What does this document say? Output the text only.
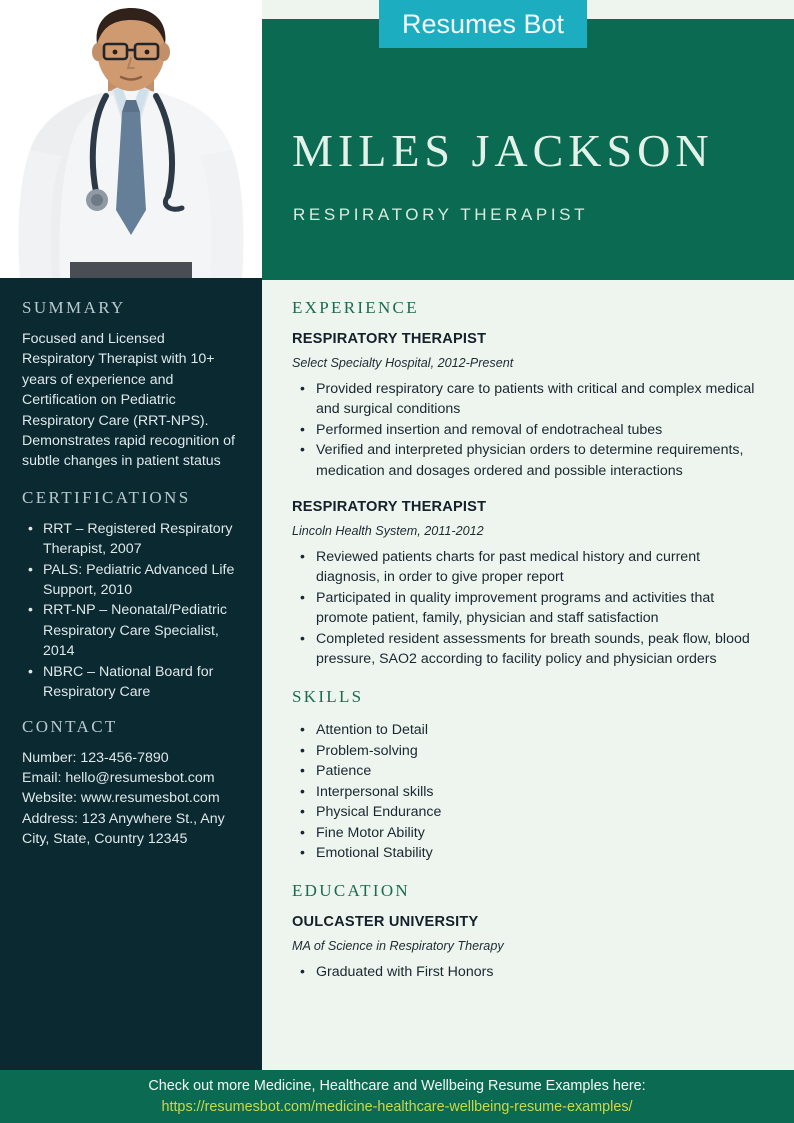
MILES JACKSON
RESPIRATORY THERAPIST
Resumes Bot
SUMMARY
Focused and Licensed Respiratory Therapist with 10+ years of experience and Certification on Pediatric Respiratory Care (RRT-NPS). Demonstrates rapid recognition of subtle changes in patient status
CERTIFICATIONS
• RRT – Registered Respiratory Therapist, 2007
• PALS: Pediatric Advanced Life Support, 2010
• RRT-NP – Neonatal/Pediatric Respiratory Care Specialist, 2014
• NBRC – National Board for Respiratory Care
CONTACT
Number: 123-456-7890
Email: hello@resumesbot.com
Website: www.resumesbot.com
Address: 123 Anywhere St., Any City, State, Country 12345
EXPERIENCE
RESPIRATORY THERAPIST
Select Specialty Hospital, 2012-Present
• Provided respiratory care to patients with critical and complex medical and surgical conditions
• Performed insertion and removal of endotracheal tubes
• Verified and interpreted physician orders to determine requirements, medication and dosages ordered and possible interactions
RESPIRATORY THERAPIST
Lincoln Health System, 2011-2012
• Reviewed patients charts for past medical history and current diagnosis, in order to give proper report
• Participated in quality improvement programs and activities that promote patient, family, physician and staff satisfaction
• Completed resident assessments for breath sounds, peak flow, blood pressure, SAO2 according to facility policy and physician orders
SKILLS
• Attention to Detail
• Problem-solving
• Patience
• Interpersonal skills
• Physical Endurance
• Fine Motor Ability
• Emotional Stability
EDUCATION
OULCASTER UNIVERSITY
MA of Science in Respiratory Therapy
• Graduated with First Honors
Check out more Medicine, Healthcare and Wellbeing Resume Examples here:
https://resumesbot.com/medicine-healthcare-wellbeing-resume-examples/
